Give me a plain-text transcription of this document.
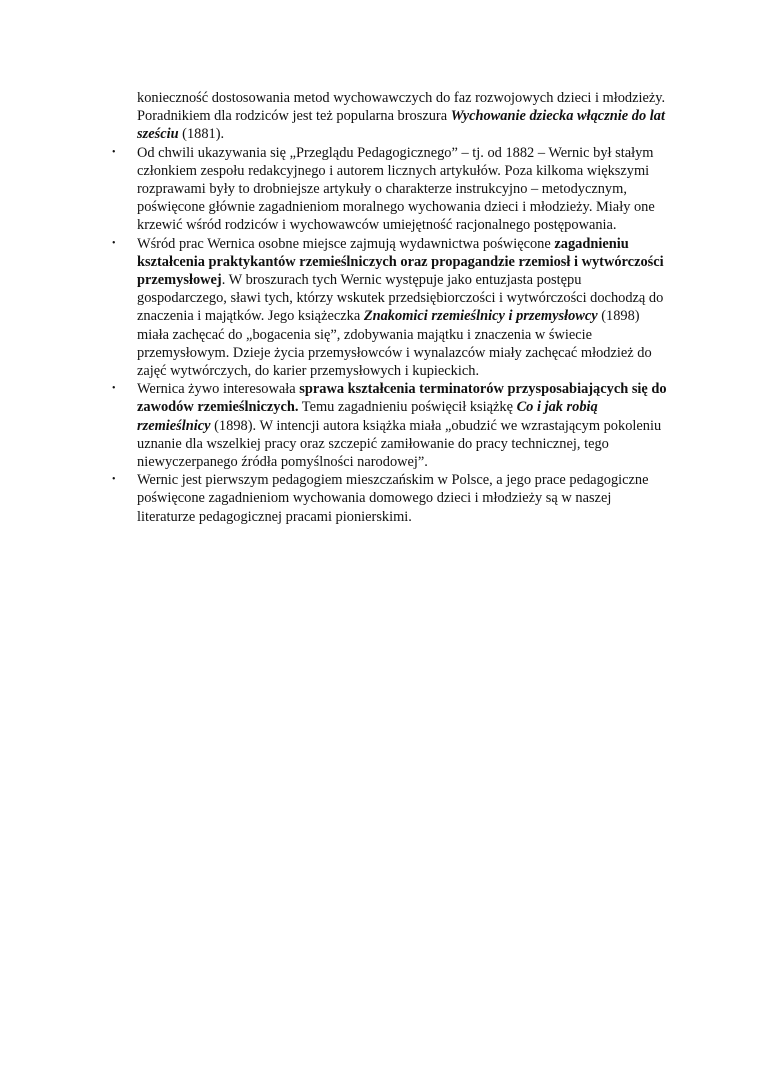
konieczność dostosowania metod wychowawczych do faz rozwojowych dzieci i młodzieży. Poradnikiem dla rodziców jest też popularna broszura Wychowanie dziecka włącznie do lat sześciu (1881).

•	Od chwili ukazywania się „Przeglądu Pedagogicznego” – tj. od 1882 – Wernic był stałym członkiem zespołu redakcyjnego i autorem licznych artykułów. Poza kilkoma większymi rozprawami były to drobniejsze artykuły o charakterze instrukcyjno – metodycznym, poświęcone głównie zagadnieniom moralnego wychowania dzieci i młodzieży. Miały one krzewić wśród rodziców i wychowawców umiejętność racjonalnego postępowania.
•	Wśród prac Wernica osobne miejsce zajmują wydawnictwa poświęcone zagadnieniu kształcenia praktykantów rzemieślniczych oraz propagandzie rzemiosł i wytwórczości przemysłowej. W broszurach tych Wernic występuje jako entuzjasta postępu gospodarczego, sławi tych, którzy wskutek przedsiębiorczości i wytwórczości dochodzą do znaczenia i majątków. Jego książeczka Znakomici rzemieślnicy i przemysłowcy (1898) miała zachęcać do „bogacenia się”, zdobywania majątku i znaczenia w świecie przemysłowym. Dzieje życia przemysłowców i wynalazców miały zachęcać młodzież do zajęć wytwórczych, do karier przemysłowych i kupieckich.
•	Wernica żywo interesowała sprawa kształcenia terminatorów przysposabiających się do zawodów rzemieślniczych. Temu zagadnieniu poświęcił książkę Co i jak robią rzemieślnicy (1898). W intencji autora książka miała „obudzić we wzrastającym pokoleniu uznanie dla wszelkiej pracy oraz szczepić zamiłowanie do pracy technicznej, tego niewyczerpanego źródła pomyślności narodowej”.
•	Wernic jest pierwszym pedagogiem mieszczańskim w Polsce, a jego prace pedagogiczne poświęcone zagadnieniom wychowania domowego dzieci i młodzieży są w naszej literaturze pedagogicznej pracami pionierskimi.
